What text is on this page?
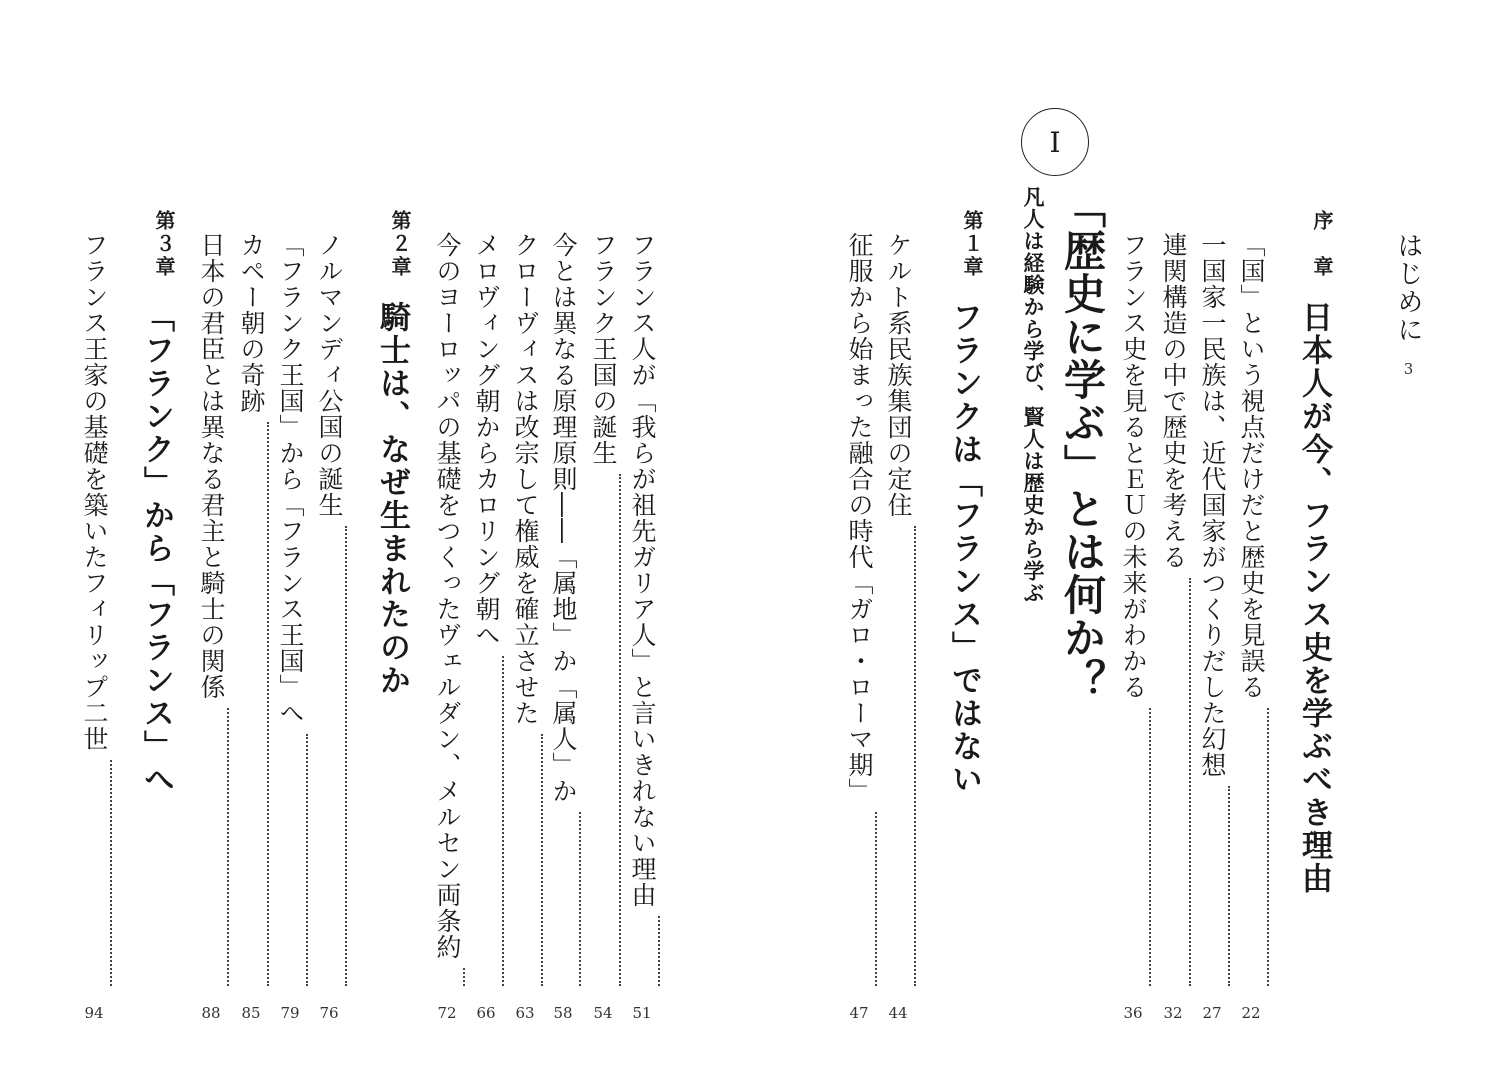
はじめに
3
序　章
日本人が今、フランス史を学ぶべき理由
「国」という視点だけだと歴史を見誤る
22
一国家一民族は、近代国家がつくりだした幻想
27
連関構造の中で歴史を考える
32
フランス史を見るとＥＵの未来がわかる
36
I
「歴史に学ぶ」とは何か？
凡人は経験から学び、賢人は歴史から学ぶ
第１章
フランクは「フランス」ではない
ケルト系民族集団の定住
44
征服から始まった融合の時代「ガロ・ローマ期」
47
フランス人が「我らが祖先ガリア人」と言いきれない理由
51
フランク王国の誕生
54
今とは異なる原理原則――「属地」か「属人」か
58
クローヴィスは改宗して権威を確立させた
63
メロヴィング朝からカロリング朝へ
66
今のヨーロッパの基礎をつくったヴェルダン、メルセン両条約
72
第２章
騎士は、なぜ生まれたのか
ノルマンディ公国の誕生
76
「フランク王国」から「フランス王国」へ
79
カペー朝の奇跡
85
日本の君臣とは異なる君主と騎士の関係
88
第３章
「フランク」から「フランス」へ
フランス王家の基礎を築いたフィリップ二世
94
